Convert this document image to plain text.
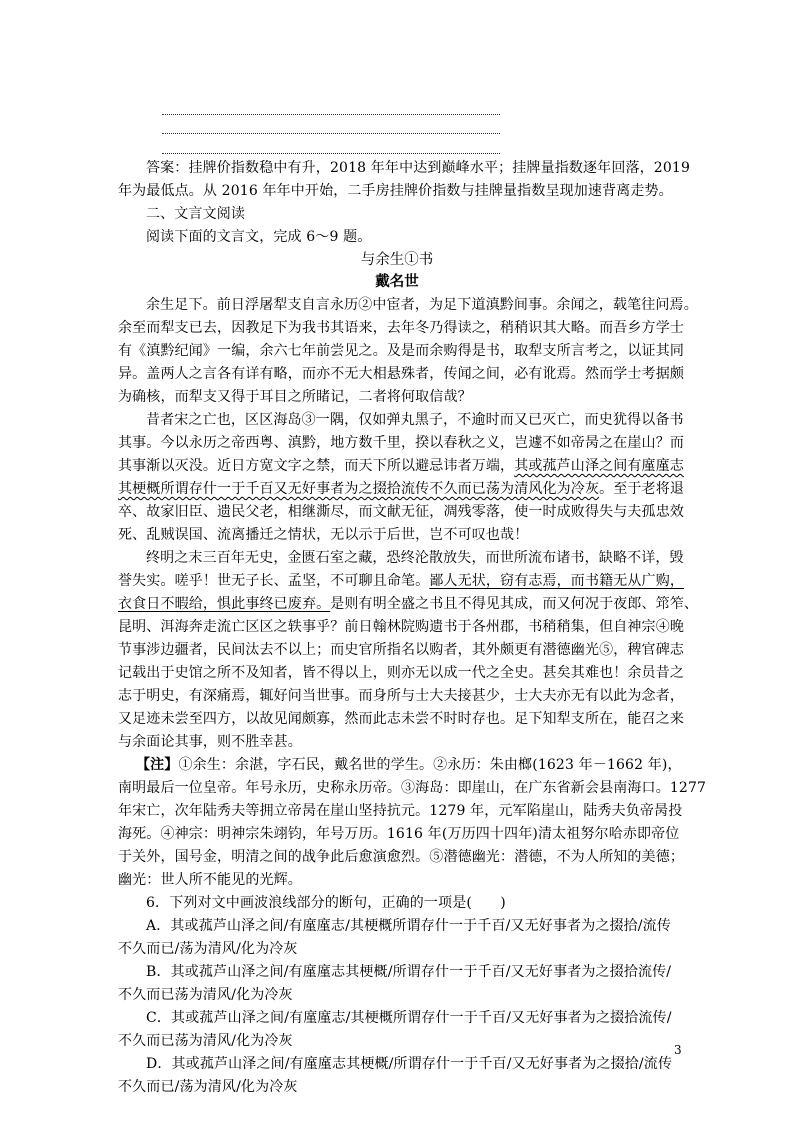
答案：挂牌价指数稳中有升，2018 年年中达到巅峰水平；挂牌量指数逐年回落，2019
年为最低点。从 2016 年年中开始，二手房挂牌价指数与挂牌量指数呈现加速背离走势。
二、文言文阅读
阅读下面的文言文，完成 6～9 题。
与余生①书
戴名世
余生足下。前日浮屠犁支自言永历②中宦者，为足下道滇黔间事。余闻之，载笔往问焉。
余至而犁支已去，因教足下为我书其语来，去年冬乃得读之，稍稍识其大略。而吾乡方学士
有《滇黔纪闻》一编，余六七年前尝见之。及是而余购得是书，取犁支所言考之，以证其同
异。盖两人之言各有详有略，而亦不无大相悬殊者，传闻之间，必有讹焉。然而学士考据颇
为确核，而犁支又得于耳目之所睹记，二者将何取信哉？
昔者宋之亡也，区区海岛③一隅，仅如弹丸黑子，不逾时而又已灭亡，而史犹得以备书
其事。今以永历之帝西粤、滇黔，地方数千里，揆以春秋之义，岂遽不如帝昺之在崖山？而
其事渐以灭没。近日方宽文字之禁，而天下所以避忌讳者万端，其或菰芦山泽之间有廑廑志
其梗概所谓存什一于千百又无好事者为之掇拾流传不久而已荡为清风化为冷灰。至于老将退
卒、故家旧臣、遗民父老，相继澌尽，而文献无征，凋残零落，使一时成败得失与夫孤忠效
死、乱贼误国、流离播迁之情状，无以示于后世，岂不可叹也哉！
终明之末三百年无史，金匮石室之藏，恐终沦散放失，而世所流布诸书，缺略不详，毁
誉失实。嗟乎！世无子长、孟坚，不可聊且命笔。鄙人无状，窃有志焉，而书籍无从广购，
衣食日不暇给，惧此事终已废弃。是则有明全盛之书且不得见其成，而又何况于夜郎、筇笮、
昆明、洱海奔走流亡区区之轶事乎？前日翰林院购遗书于各州郡，书稍稍集，但自神宗④晚
节事涉边疆者，民间汰去不以上；而史官所指名以购者，其外颇更有潜德幽光⑤，稗官碑志
记载出于史馆之所不及知者，皆不得以上，则亦无以成一代之全史。甚矣其难也！余员昔之
志于明史，有深痛焉，辄好问当世事。而身所与士大夫接甚少，士大夫亦无有以此为念者，
又足迹未尝至四方，以故见闻颇寡，然而此志未尝不时时存也。足下知犁支所在，能召之来
与余面论其事，则不胜幸甚。
【注】①余生：余湛，字石民，戴名世的学生。②永历：朱由榔(1623 年－1662 年)，
南明最后一位皇帝。年号永历，史称永历帝。③海岛：即崖山，在广东省新会县南海口。1277
年宋亡，次年陆秀夫等拥立帝昺在崖山坚持抗元。1279 年，元军陷崖山，陆秀夫负帝昺投
海死。④神宗：明神宗朱翊钧，年号万历。1616 年(万历四十四年)清太祖努尔哈赤即帝位
于关外，国号金，明清之间的战争此后愈演愈烈。⑤潜德幽光：潜德，不为人所知的美德；
幽光：世人所不能见的光辉。
6．下列对文中画波浪线部分的断句，正确的一项是(　　)
A．其或菰芦山泽之间/有廑廑志/其梗概所谓存什一于千百/又无好事者为之掇拾/流传
不久而已/荡为清风/化为冷灰
B．其或菰芦山泽之间/有廑廑志其梗概/所谓存什一于千百/又无好事者为之掇拾流传/
不久而已荡为清风/化为冷灰
C．其或菰芦山泽之间/有廑廑志/其梗概所谓存什一于千百/又无好事者为之掇拾流传/
不久而已荡为清风/化为冷灰
D．其或菰芦山泽之间/有廑廑志其梗概/所谓存什一于千百/又无好事者为之掇拾/流传
不久而已/荡为清风/化为冷灰
3
